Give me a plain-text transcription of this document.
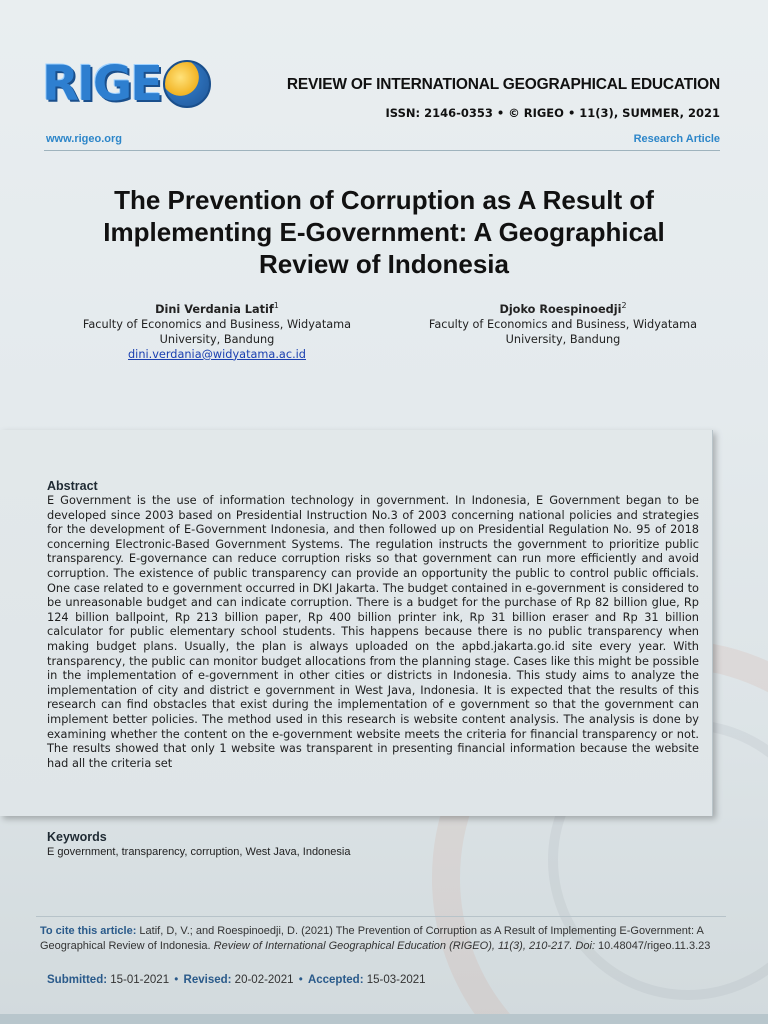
RIGE	REVIEW OF INTERNATIONAL GEOGRAPHICAL EDUCATION
ISSN: 2146-0353 • © RIGEO • 11(3), SUMMER, 2021
www.rigeo.org	Research Article
The Prevention of Corruption as A Result of Implementing E-Government: A Geographical Review of Indonesia
Dini Verdania Latif$^1$
Faculty of Economics and Business, Widyatama University, Bandung
dini.verdania@widyatama.ac.id
Djoko Roespinoedji$^2$
Faculty of Economics and Business, Widyatama University, Bandung
Abstract
E Government is the use of information technology in government. In Indonesia, E Government began to be developed since 2003 based on Presidential Instruction No.3 of 2003 concerning national policies and strategies for the development of E-Government Indonesia, and then followed up on Presidential Regulation No. 95 of 2018 concerning Electronic-Based Government Systems. The regulation instructs the government to prioritize public transparency. E-governance can reduce corruption risks so that government can run more efficiently and avoid corruption. The existence of public transparency can provide an opportunity the public to control public officials. One case related to e government occurred in DKI Jakarta. The budget contained in e-government is considered to be unreasonable budget and can indicate corruption. There is a budget for the purchase of Rp 82 billion glue, Rp 124 billion ballpoint, Rp 213 billion paper, Rp 400 billion printer ink, Rp 31 billion eraser and Rp 31 billion calculator for public elementary school students. This happens because there is no public transparency when making budget plans. Usually, the plan is always uploaded on the apbd.jakarta.go.id site every year. With transparency, the public can monitor budget allocations from the planning stage. Cases like this might be possible in the implementation of e-government in other cities or districts in Indonesia. This study aims to analyze the implementation of city and district e government in West Java, Indonesia. It is expected that the results of this research can find obstacles that exist during the implementation of e government so that the government can implement better policies. The method used in this research is website content analysis. The analysis is done by examining whether the content on the e-government website meets the criteria for financial transparency or not. The results showed that only 1 website was transparent in presenting financial information because the website had all the criteria set
Keywords
E government, transparency, corruption, West Java, Indonesia
To cite this article: Latif, D, V.; and Roespinoedji, D. (2021) The Prevention of Corruption as A Result of Implementing E-Government: A Geographical Review of Indonesia. Review of International Geographical Education (RIGEO), 11(3), 210-217. Doi: 10.48047/rigeo.11.3.23
Submitted: 15-01-2021 • Revised: 20-02-2021 • Accepted: 15-03-2021
